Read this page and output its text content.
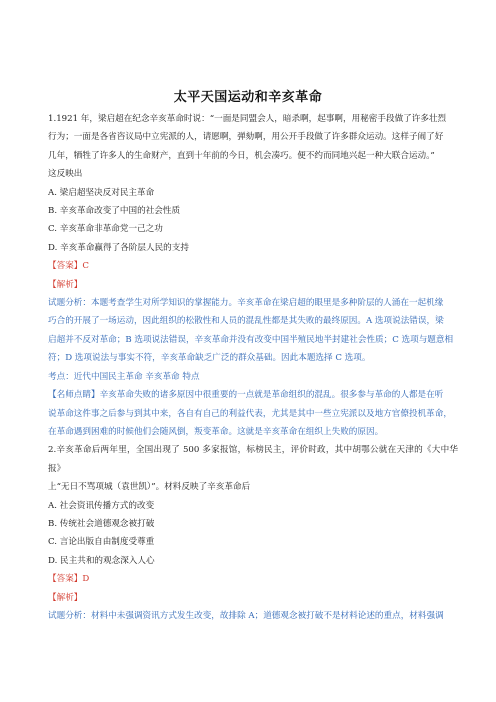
太平天国运动和辛亥革命

1.1921 年，梁启超在纪念辛亥革命时说：“一面是同盟会人，暗杀啊，起事啊，用秘密手段做了许多壮烈

行为；一面是各省咨议局中立宪派的人，请愿啊，弹劾啊，用公开手段做了许多群众运动。这样子闹了好

几年，牺牲了许多人的生命财产，直到十年前的今日，机会凑巧。便不约而同地兴起一种大联合运动。”

这反映出

A. 梁启超坚决反对民主革命

B. 辛亥革命改变了中国的社会性质

C. 辛亥革命非革命党一己之功

D. 辛亥革命赢得了各阶层人民的支持

【答案】C

【解析】

试题分析：本题考查学生对所学知识的掌握能力。辛亥革命在梁启超的眼里是多种阶层的人涌在一起机缘

巧合的开展了一场运动，因此组织的松散性和人员的混乱性都是其失败的最终原因。A 选项说法错误，梁

启超并不反对革命；B 选项说法错误，辛亥革命并没有改变中国半殖民地半封建社会性质；C 选项与题意相

符；D 选项说法与事实不符，辛亥革命缺乏广泛的群众基础。因此本题选择 C 选项。

考点：近代中国民主革命 辛亥革命 特点

【名师点睛】辛亥革命失败的诸多原因中很重要的一点就是革命组织的混乱。很多参与革命的人都是在听

说革命这件事之后参与到其中来，各自有自己的利益代表，尤其是其中一些立宪派以及地方官僚投机革命，

在革命遇到困难的时候他们会随风倒，叛变革命。这就是辛亥革命在组织上失败的原因。

2.辛亥革命后两年里，全国出现了 500 多家报馆，标榜民主，评价时政，其中胡鄂公就在天津的《大中华报》

上“无日不骂项城（袁世凯）”。材料反映了辛亥革命后

A. 社会资讯传播方式的改变

B. 传统社会道德观念被打破

C. 言论出版自由制度受尊重

D. 民主共和的观念深入人心

【答案】D

【解析】

试题分析：材料中未强调资讯方式发生改变，故排除 A；道德观念被打破不是材料论述的重点，材料强调
